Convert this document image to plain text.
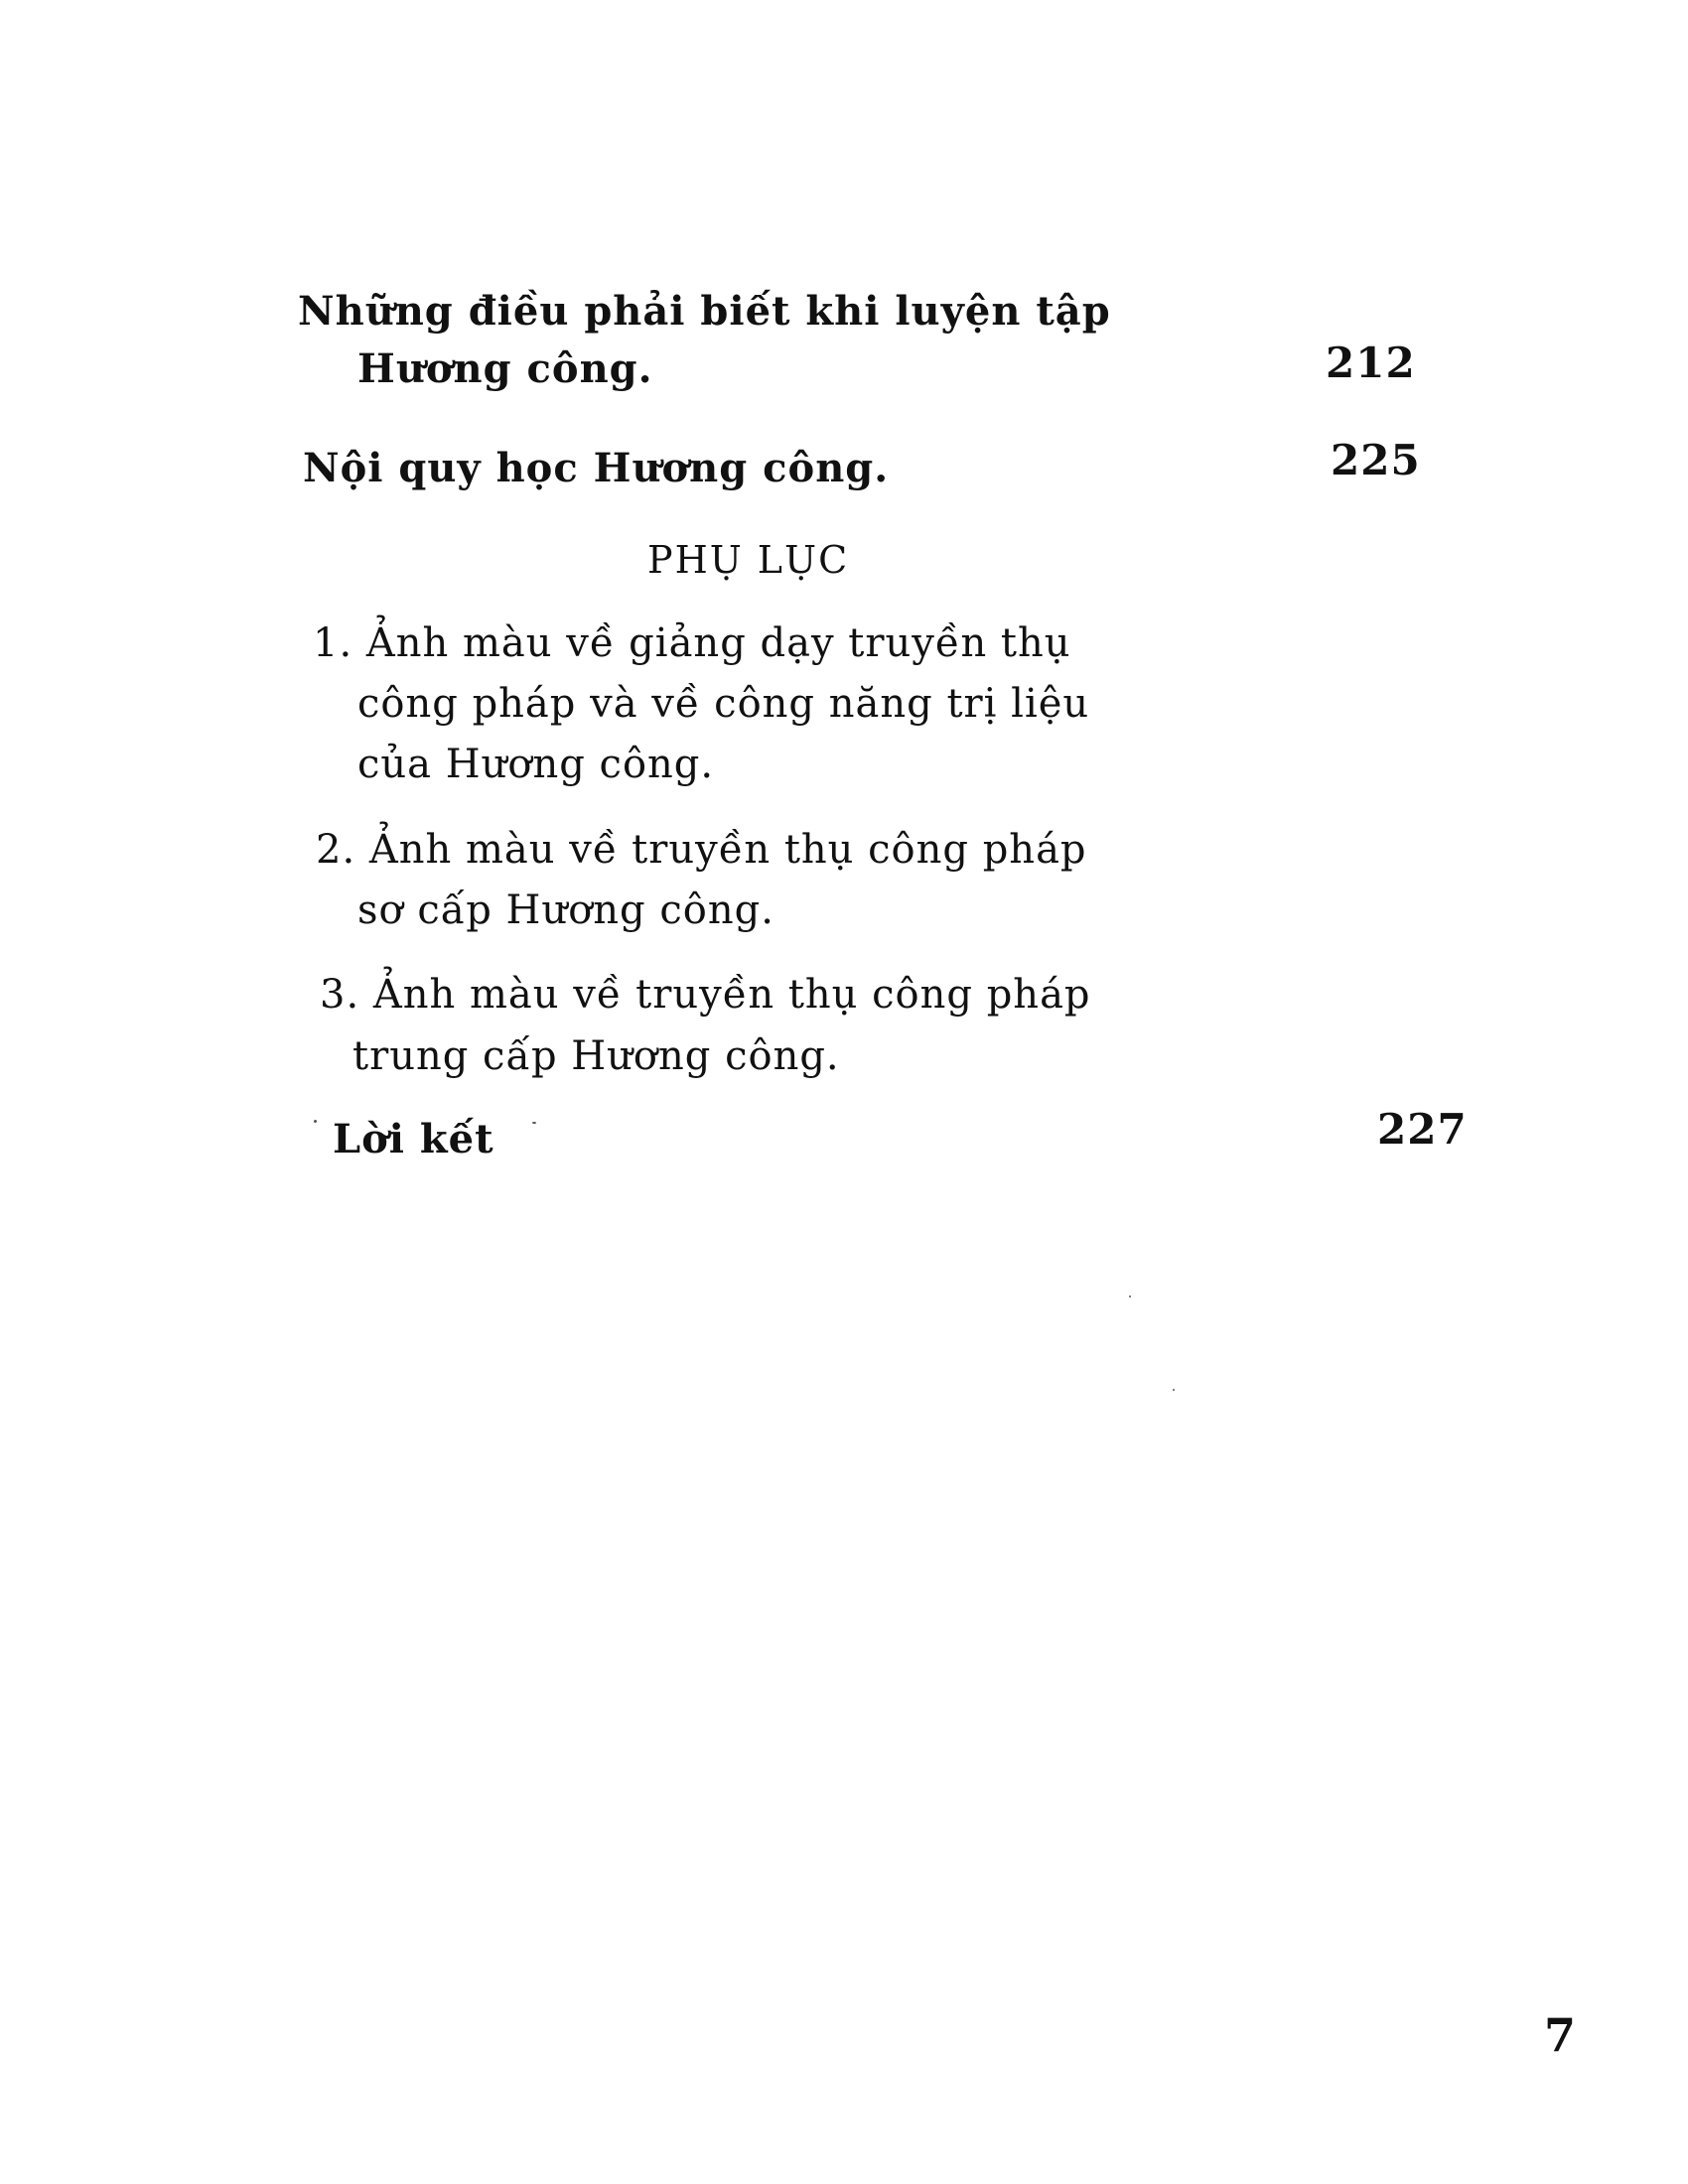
Những điều phải biết khi luyện tập
Hương công.	212
Nội quy học Hương công.	225
PHỤ LỤC
1. Ảnh màu về giảng dạy truyền thụ
công pháp và về công năng trị liệu
của Hương công.
2. Ảnh màu về truyền thụ công pháp
sơ cấp Hương công.
3. Ảnh màu về truyền thụ công pháp
trung cấp Hương công.
Lời kết	227
7
